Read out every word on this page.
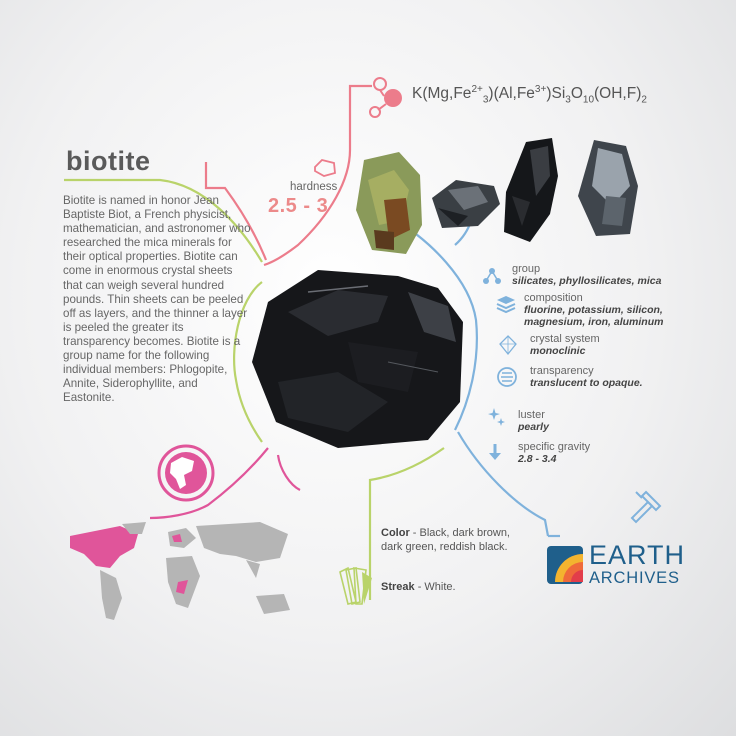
biotite
Biotite is named in honor Jean Baptiste Biot, a French physicist, mathematician, and astronomer who researched the mica minerals for their optical properties. Biotite can come in enormous crystal sheets that can weigh several hundred pounds. Thin sheets can be peeled off as layers, and the thinner a layer is peeled the greater its transparency becomes. Biotite is a group name for the following individual members: Phlogopite, Annite, Siderophyllite, and Eastonite.
$K(Mg,Fe^{2+}_3)(Al,Fe^{3+})Si_3O_{10}(OH,F)_2$
hardness
2.5 - 3
group
silicates, phyllosilicates, mica
composition
fluorine, potassium, silicon,
magnesium, iron, aluminum
crystal system
monoclinic
transparency
translucent to opaque.
luster
pearly
specific gravity
2.8 - 3.4
Color - Black, dark brown, dark green, reddish black.
Streak - White.
EARTH
ARCHIVES
